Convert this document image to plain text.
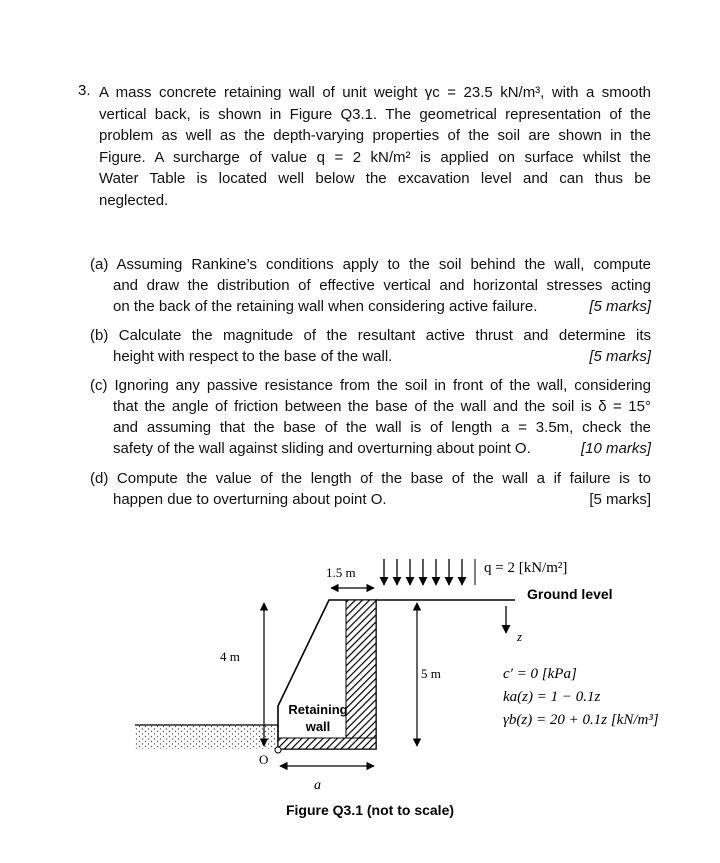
3. A mass concrete retaining wall of unit weight γc = 23.5 kN/m³, with a smooth
vertical back, is shown in Figure Q3.1. The geometrical representation of the
problem as well as the depth-varying properties of the soil are shown in the
Figure. A surcharge of value q = 2 kN/m² is applied on surface whilst the
Water Table is located well below the excavation level and can thus be
neglected.
(a) Assuming Rankine’s conditions apply to the soil behind the wall, compute
and draw the distribution of effective vertical and horizontal stresses acting
on the back of the retaining wall when considering active failure.	[5 marks]
(b) Calculate the magnitude of the resultant active thrust and determine its
height with respect to the base of the wall.	[5 marks]
(c) Ignoring any passive resistance from the soil in front of the wall, considering
that the angle of friction between the base of the wall and the soil is δ = 15°
and assuming that the base of the wall is of length a = 3.5m, check the
safety of the wall against sliding and overturning about point O.	[10 marks]
(d) Compute the value of the length of the base of the wall a if failure is to
happen due to overturning about point O.	[5 marks]
Retaining
wall
q = 2 [kN/m²]
1.5 m
Ground level
z
4 m
5 m	c′ = 0 [kPa]
ka(z) = 1 − 0.1z
γb(z) = 20 + 0.1z [kN/m³]
O
a
Figure Q3.1 (not to scale)
